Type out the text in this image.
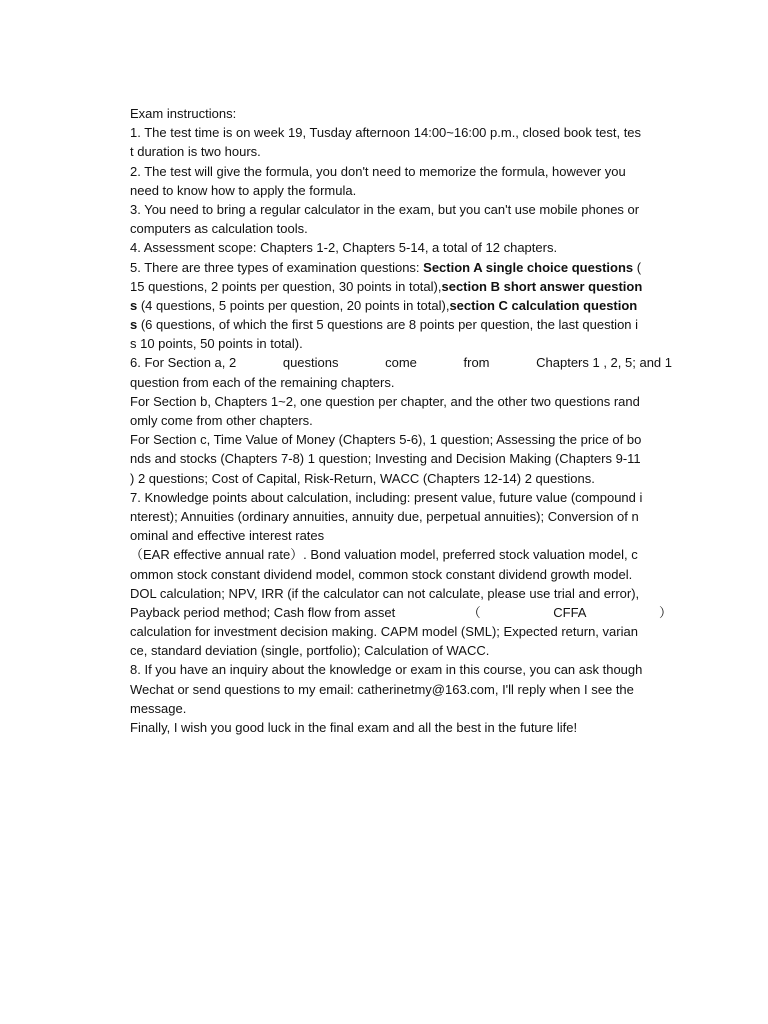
Exam instructions:
1. The test time is on week 19, Tusday afternoon 14:00~16:00 p.m., closed book test, tes
t duration is two hours.
2. The test will give the formula, you don't need to memorize the formula, however you
need to know how to apply the formula.
3. You need to bring a regular calculator in the exam, but you can't use mobile phones or
computers as calculation tools.
4. Assessment scope: Chapters 1-2, Chapters 5-14, a total of 12 chapters.
5. There are three types of examination questions: Section A single choice questions (
15 questions, 2 points per question, 30 points in total),section B short answer question
s (4 questions, 5 points per question, 20 points in total),section C calculation question
s (6 questions, of which the first 5 questions are 8 points per question, the last question i
s 10 points, 50 points in total).
6. For Section a, 2	questions	come	from	Chapters 1 , 2, 5; and 1
question from each of the remaining chapters.
For Section b, Chapters 1~2, one question per chapter, and the other two questions rand
omly come from other chapters.
For Section c, Time Value of Money (Chapters 5-6), 1 question; Assessing the price of bo
nds and stocks (Chapters 7-8) 1 question; Investing and Decision Making (Chapters 9-11
) 2 questions; Cost of Capital, Risk-Return, WACC (Chapters 12-14) 2 questions.
7. Knowledge points about calculation, including: present value, future value (compound i
nterest); Annuities (ordinary annuities, annuity due, perpetual annuities); Conversion of n
ominal and effective interest rates
（EAR effective annual rate）. Bond valuation model, preferred stock valuation model, c
ommon stock constant dividend model, common stock constant dividend growth model.
DOL calculation; NPV, IRR (if the calculator can not calculate, please use trial and error),
Payback period method; Cash flow from asset	（	CFFA	）
calculation for investment decision making. CAPM model (SML); Expected return, varian
ce, standard deviation (single, portfolio); Calculation of WACC.
8. If you have an inquiry about the knowledge or exam in this course, you can ask though
Wechat or send questions to my email: catherinetmy@163.com, I'll reply when I see the
message.
Finally, I wish you good luck in the final exam and all the best in the future life!
